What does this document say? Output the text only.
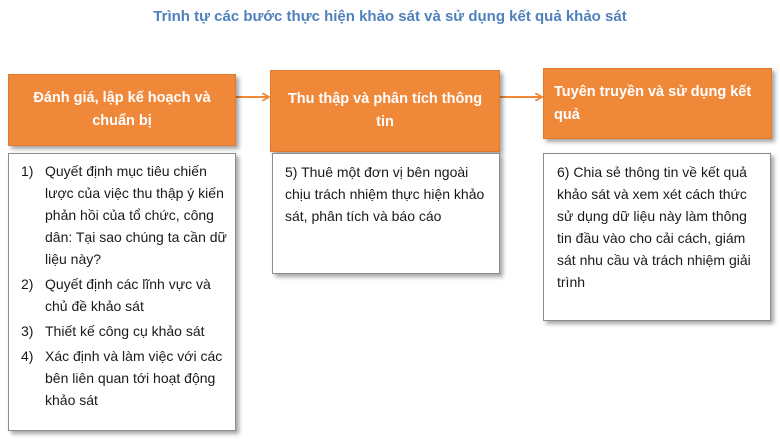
Trình tự các bước thực hiện khảo sát và sử dụng kết quả khảo sát
Đánh giá, lập kế hoạch và chuẩn bị
Thu thập và phân tích thông tin
Tuyên truyền và sử dụng kết quả
1) Quyết định mục tiêu chiến lược của việc thu thập ý kiến phản hồi của tổ chức, công dân: Tại sao chúng ta cần dữ liệu này?
2) Quyết định các lĩnh vực và chủ đề khảo sát
3) Thiết kế công cụ khảo sát
4) Xác định và làm việc với các bên liên quan tới hoạt động khảo sát
5) Thuê một đơn vị bên ngoài chịu trách nhiệm thực hiện khảo sát, phân tích và báo cáo
6) Chia sẻ thông tin về kết quả khảo sát và xem xét cách thức sử dụng dữ liệu này làm thông tin đầu vào cho cải cách, giám sát nhu cầu và trách nhiệm giải trình
